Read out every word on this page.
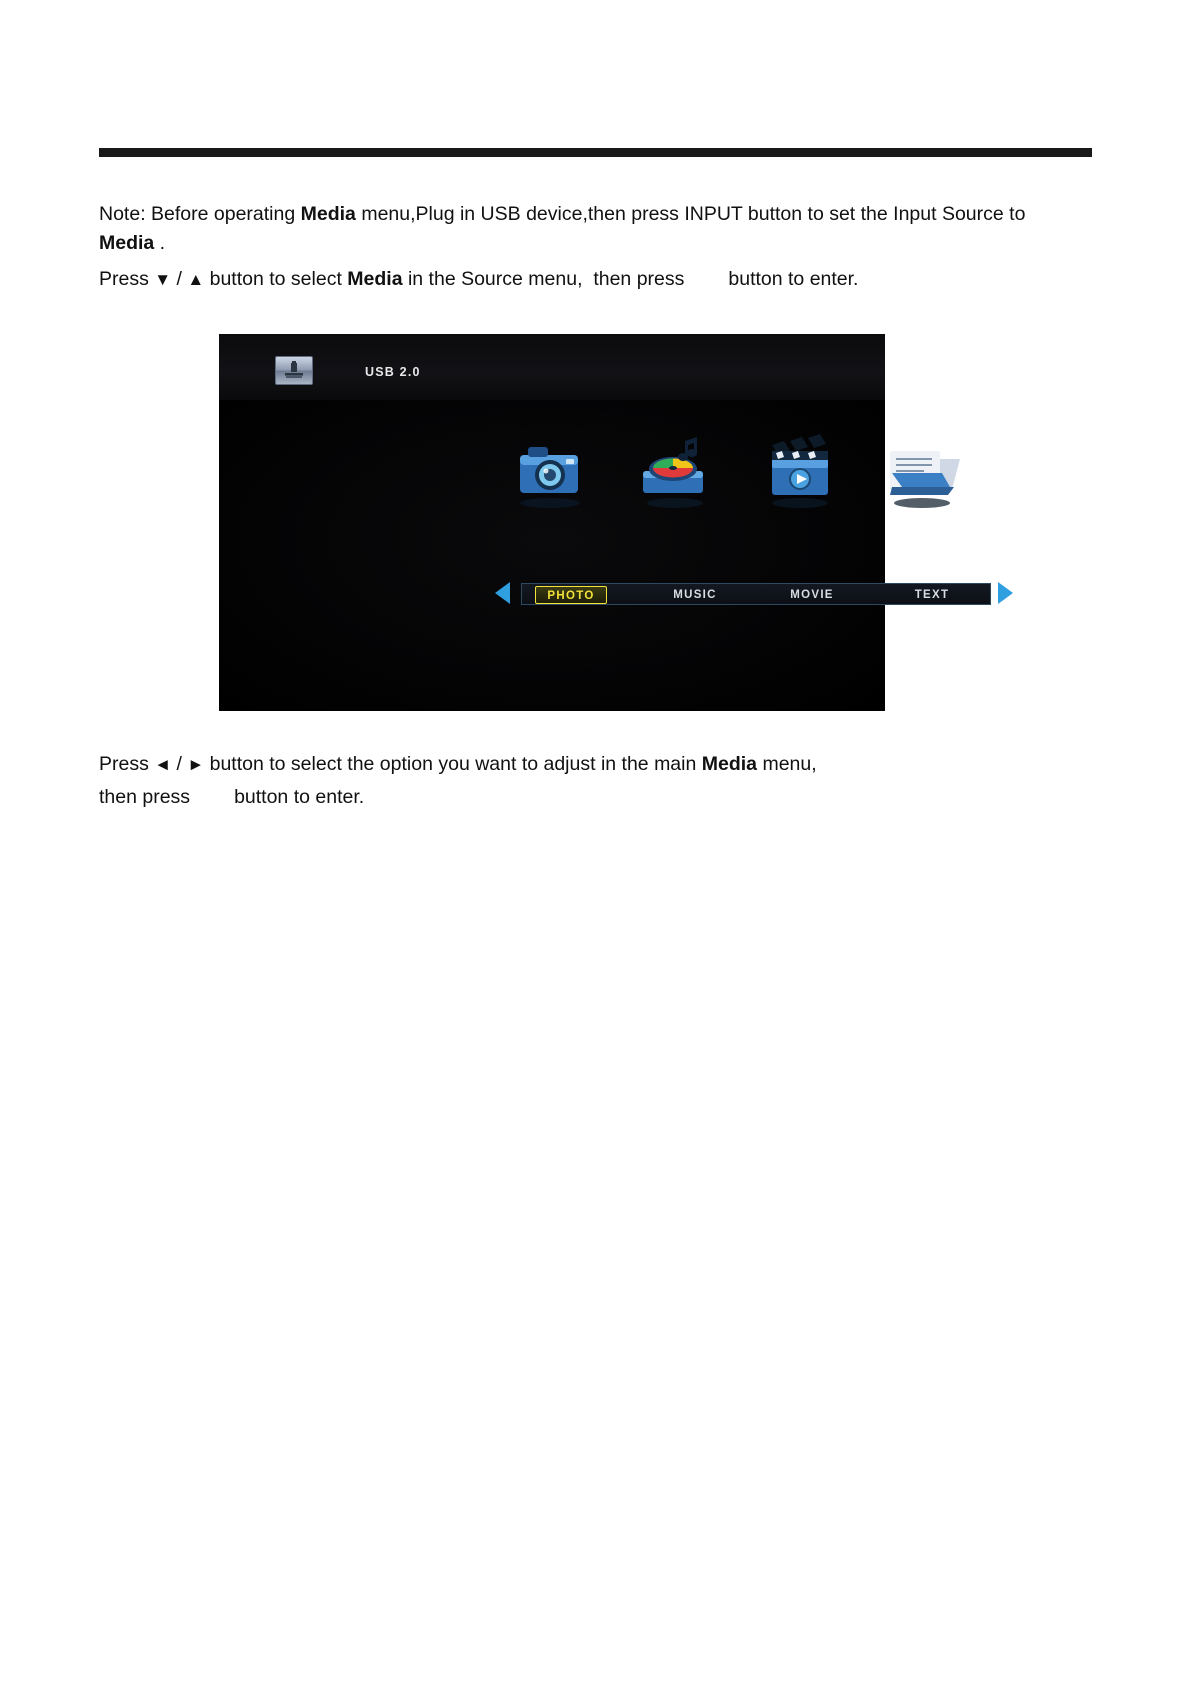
Note: Before operating Media menu,Plug in USB device,then press INPUT button to set the Input Source to
Media .
Press ▼ / ▲ button to select Media in the Source menu,  then press button to enter.
USB 2.0
PHOTO	MUSIC	MOVIE	TEXT
Press ◄ / ► button to select the option you want to adjust in the main Media menu,
then press button to enter.
